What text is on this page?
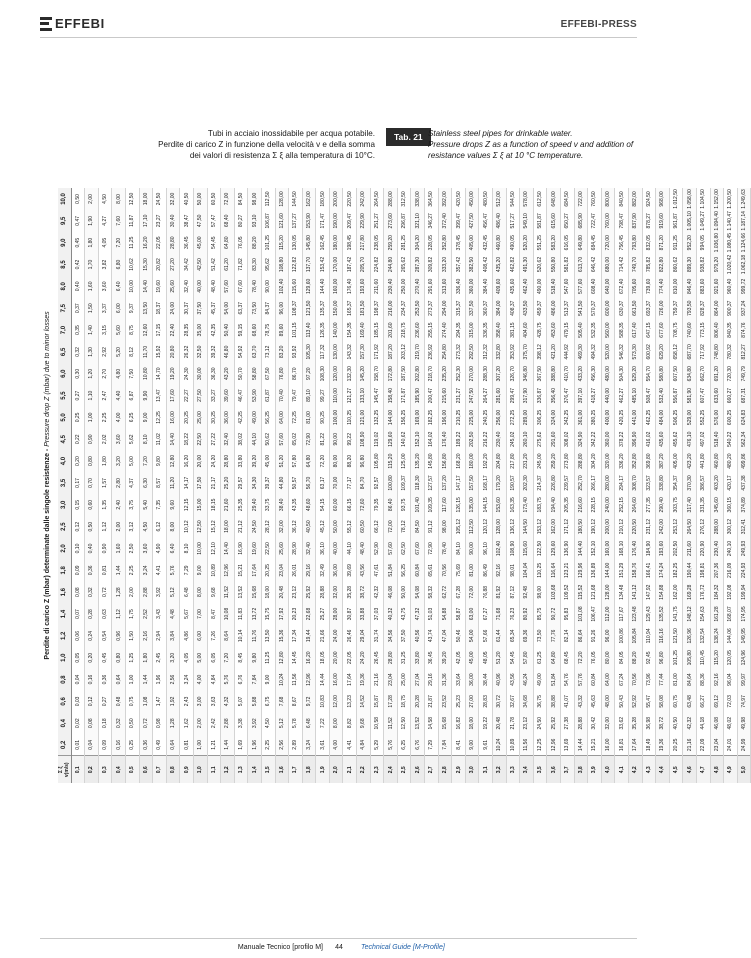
EFFEBI	EFFEBI-PRESS
Tubi in acciaio inossidabile per acqua potabile.
Perdite di carico Z in funzione della velocità v e della somma
dei valori di resistenza Σ ξ alla temperatura di 10°C.
Tab. 21 Stainless steel pipes for drinkable water.
Pressure drops Z as a function of speed v and addition of
resistance values Σ ξ at 10 °C temperature.
Perdite di carico Z (mbar) determinate dalle singole resistenze - Pressure drop Z (mbar) due to minor losses
Σ ξ
v(m/s)	0,2	0,4	0,6	0,8	1,0	1,2	1,4	1,6	1,8	2,0	2,5	3,0	3,5	4,0	4,5	5,0	5,5	6,0	6,5	7,0	7,5	8,0	8,5	9,0	9,5	10,0
0,1	0,01	0,02	0,03	0,04	0,05	0,06	0,07	0,08	0,09	0,10	0,12	0,15	0,17	0,20	0,22	0,25	0,27	0,30	0,32	0,35	0,37	0,40	0,42	0,45	0,47	0,50
0,2	0,04	0,08	0,12	0,16	0,20	0,24	0,28	0,32	0,36	0,40	0,50	0,60	0,70	0,80	0,90	1,00	1,10	1,20	1,30	1,40	1,50	1,60	1,70	1,80	1,90	2,00
0,3	0,09	0,18	0,27	0,36	0,45	0,54	0,63	0,72	0,81	0,90	1,12	1,35	1,57	1,80	2,02	2,25	2,47	2,70	2,92	3,15	3,37	3,60	3,82	4,05	4,27	4,50
0,4	0,16	0,32	0,48	0,64	0,80	0,96	1,12	1,28	1,44	1,60	2,00	2,40	2,80	3,20	3,60	4,00	4,40	4,80	5,20	5,60	6,00	6,40	6,80	7,20	7,60	8,00
0,5	0,25	0,50	0,75	1,00	1,25	1,50	1,75	2,00	2,25	2,50	3,12	3,75	4,37	5,00	5,62	6,25	6,87	7,50	8,12	8,75	9,37	10,00	10,62	11,25	11,87	12,50
0,6	0,36	0,72	1,08	1,44	1,80	2,16	2,52	2,88	3,24	3,60	4,50	5,40	6,30	7,20	8,10	9,00	9,90	10,80	11,70	12,60	13,50	14,40	15,30	16,20	17,10	18,00
0,7	0,49	0,98	1,47	1,96	2,45	2,94	3,43	3,92	4,41	4,90	6,12	7,35	8,57	9,80	11,02	12,25	13,47	14,70	15,92	17,15	18,37	19,60	20,82	22,05	23,27	24,50
0,8	0,64	1,28	1,92	2,56	3,20	3,84	4,48	5,12	5,76	6,40	8,00	9,60	11,20	12,80	14,40	16,00	17,60	19,20	20,80	22,40	24,00	25,60	27,20	28,80	30,40	32,00
0,9	0,81	1,62	2,43	3,24	4,05	4,86	5,67	6,48	7,29	8,10	10,12	12,15	14,17	16,20	18,22	20,25	22,27	24,30	26,32	28,35	30,37	32,40	34,42	36,45	38,47	40,50
1,0	1,00	2,00	3,00	4,00	5,00	6,00	7,00	8,00	9,00	10,00	12,50	15,00	17,50	20,00	22,50	25,00	27,50	30,00	32,50	35,00	37,50	40,00	42,50	45,00	47,50	50,00
1,1	1,21	2,42	3,63	4,84	6,05	7,26	8,47	9,68	10,89	12,10	15,12	18,15	21,17	24,20	27,22	30,25	33,27	36,30	39,32	42,35	45,37	48,40	51,42	54,45	57,47	60,50
1,2	1,44	2,88	4,32	5,76	7,20	8,64	10,08	11,52	12,96	14,40	18,00	21,60	25,20	28,80	32,40	36,00	39,60	43,20	46,80	50,40	54,00	57,60	61,20	64,80	68,40	72,00
1,3	1,69	3,38	5,07	6,76	8,45	10,14	11,83	13,52	15,21	16,90	21,12	25,35	29,57	33,80	38,02	42,25	46,47	50,70	54,92	59,15	63,37	67,60	71,82	76,05	80,27	84,50
1,4	1,96	3,92	5,88	7,84	9,80	11,76	13,72	15,68	17,64	19,60	24,50	29,40	34,30	39,20	44,10	49,00	53,90	58,80	63,70	68,60	73,50	78,40	83,30	88,20	93,10	98,00
1,5	2,25	4,50	6,75	9,00	11,25	13,50	15,75	18,00	20,25	22,50	28,12	33,75	39,37	45,00	50,62	56,25	61,87	67,50	73,12	78,75	84,37	90,00	95,62	101,25	106,87	112,50
1,6	2,56	5,12	7,68	10,24	12,80	15,36	17,92	20,48	23,04	25,60	32,00	38,40	44,80	51,20	57,60	64,00	70,40	76,80	83,20	89,60	96,00	102,40	108,80	115,20	121,60	128,00
1,7	2,89	5,78	8,67	11,56	14,45	17,34	20,23	23,12	26,01	28,90	36,12	43,35	50,57	57,80	65,02	72,25	79,47	86,70	93,92	101,15	108,37	115,60	122,82	130,05	137,27	144,50
1,8	3,24	6,48	9,72	12,96	16,20	19,44	22,68	25,92	29,16	32,40	40,50	48,60	56,70	64,80	72,90	81,00	89,10	97,20	105,30	113,40	121,50	129,60	137,70	145,80	153,90	162,00
1,9	3,61	7,22	10,83	14,44	18,05	21,66	25,27	28,88	32,49	36,10	45,12	54,15	63,17	72,20	81,22	90,25	99,27	108,30	117,32	126,35	135,37	144,40	153,42	162,45	171,47	180,50
2,0	4,00	8,00	12,00	16,00	20,00	24,00	28,00	32,00	36,00	40,00	50,00	60,00	70,00	80,00	90,00	100,00	110,00	120,00	130,00	140,00	150,00	160,00	170,00	180,00	190,00	200,00
2,1	4,41	8,82	13,23	17,64	22,05	26,46	30,87	35,28	39,69	44,10	55,12	66,15	77,17	88,20	99,22	110,25	121,27	132,30	143,32	154,35	165,37	176,40	187,42	198,45	209,47	220,50
2,2	4,84	9,68	14,52	19,36	24,20	29,04	33,88	38,72	43,56	48,40	60,50	72,60	84,70	96,80	108,90	121,00	133,10	145,20	157,30	169,40	181,50	193,60	205,70	217,80	229,90	242,00
2,3	5,29	10,58	15,87	21,16	26,45	31,74	37,03	42,32	47,61	52,90	66,12	79,35	92,57	105,80	119,02	132,25	145,47	158,70	171,92	185,15	198,37	211,60	224,82	238,05	251,27	264,50
2,4	5,76	11,52	17,28	23,04	28,80	34,56	40,32	46,08	51,84	57,60	72,00	86,40	100,80	115,20	129,60	144,00	158,40	172,80	187,20	201,60	216,00	230,40	244,80	259,20	273,60	288,00
2,5	6,25	12,50	18,75	25,00	31,25	37,50	43,75	50,00	56,25	62,50	78,12	93,75	109,37	125,00	140,62	156,25	171,87	187,50	203,12	218,75	234,37	250,00	265,62	281,25	296,87	312,50
2,6	6,76	13,52	20,28	27,04	33,80	40,56	47,32	54,08	60,84	67,60	84,50	101,40	118,30	135,20	152,10	169,00	185,90	202,80	219,70	236,60	253,50	270,40	287,30	304,20	321,10	338,00
2,7	7,29	14,58	21,87	29,16	36,45	43,74	51,03	58,32	65,61	72,90	91,12	109,35	127,57	145,80	164,02	182,25	200,47	218,70	236,92	255,15	273,37	291,60	309,82	328,05	346,27	364,50
2,8	7,84	15,68	23,52	31,36	39,20	47,04	54,88	62,72	70,56	78,40	98,00	117,60	137,20	156,80	176,40	196,00	215,60	235,20	254,80	274,40	294,00	313,60	333,20	352,80	372,40	392,00
2,9	8,41	16,82	25,23	33,64	42,05	50,46	58,87	67,28	75,69	84,10	105,12	126,15	147,17	168,20	189,22	210,25	231,27	252,30	273,32	294,35	315,37	336,40	357,42	378,45	399,47	420,50
3,0	9,00	18,00	27,00	36,00	45,00	54,00	63,00	72,00	81,00	90,00	112,50	135,00	157,50	180,00	202,50	225,00	247,50	270,00	292,50	315,00	337,50	360,00	382,50	405,00	427,50	450,00
3,1	9,61	19,22	28,83	38,44	48,05	57,66	67,27	76,88	86,49	96,10	120,12	144,15	168,17	192,20	216,22	240,25	264,27	288,30	312,32	336,35	360,37	384,40	408,42	432,45	456,47	480,50
3,2	10,24	20,48	30,72	40,96	51,20	61,44	71,68	81,92	92,16	102,40	128,00	153,60	179,20	204,80	230,40	256,00	281,60	307,20	332,80	358,40	384,00	409,60	435,20	460,80	486,40	512,00
3,3	10,89	21,78	32,67	43,56	54,45	65,34	76,23	87,12	98,01	108,90	136,12	163,35	190,57	217,80	245,02	272,25	299,47	326,70	353,92	381,15	408,37	435,60	462,82	490,05	517,27	544,50
3,4	11,56	23,12	34,68	46,24	57,80	69,36	80,92	92,48	104,04	115,60	144,50	173,40	202,30	231,20	260,10	289,00	317,90	346,80	375,70	404,60	433,50	462,40	491,30	520,20	549,10	578,00
3,5	12,25	24,50	36,75	49,00	61,25	73,50	85,75	98,00	110,25	122,50	153,12	183,75	214,37	245,00	275,62	306,25	336,87	367,50	398,12	428,75	459,37	490,00	520,62	551,25	581,87	612,50
3,6	12,96	25,92	38,88	51,84	64,80	77,76	90,72	103,68	116,64	129,60	162,00	194,40	226,80	259,20	291,60	324,00	356,40	388,80	421,20	453,60	486,00	518,40	550,80	583,20	615,60	648,00
3,7	13,69	27,38	41,07	54,76	68,45	82,14	95,83	109,52	123,21	136,90	171,12	205,35	239,57	273,80	308,02	342,25	376,47	410,70	444,92	479,15	513,37	547,60	581,82	616,05	650,27	684,50
3,8	14,44	28,88	43,32	57,76	72,20	86,64	101,08	115,52	129,96	144,40	180,50	216,60	252,70	288,80	324,90	361,00	397,10	433,20	469,30	505,40	541,50	577,60	613,70	649,80	685,90	722,00
3,9	15,21	30,42	45,63	60,84	76,05	91,26	106,47	121,68	136,89	152,10	190,12	228,15	266,17	304,20	342,22	380,25	418,27	456,30	494,32	532,35	570,37	608,40	646,42	684,45	722,47	760,50
4,0	16,00	32,00	48,00	64,00	80,00	96,00	112,00	128,00	144,00	160,00	200,00	240,00	280,00	320,00	360,00	400,00	440,00	480,00	520,00	560,00	600,00	640,00	680,00	720,00	760,00	800,00
4,1	16,81	33,62	50,43	67,24	84,05	100,86	117,67	134,48	151,29	168,10	210,12	252,15	294,17	336,20	378,22	420,25	462,27	504,30	546,32	588,35	630,37	672,40	714,42	756,45	798,47	840,50
4,2	17,64	35,28	52,92	70,56	88,20	105,84	123,48	141,12	158,76	176,40	220,50	264,60	308,70	352,80	396,90	441,00	485,10	529,20	573,30	617,40	661,50	705,60	749,70	793,80	837,90	882,00
4,3	18,49	36,98	55,47	73,96	92,45	110,94	129,43	147,92	166,41	184,90	231,12	277,35	323,57	369,80	416,02	462,25	508,47	554,70	600,92	647,15	693,37	739,60	785,82	832,05	878,27	924,50
4,4	19,36	38,72	58,08	77,44	96,80	116,16	135,52	154,88	174,24	193,60	242,00	290,40	338,80	387,20	435,60	484,00	532,40	580,80	629,20	677,60	726,00	774,40	822,80	871,20	919,60	968,00
4,5	20,25	40,50	60,75	81,00	101,25	121,50	141,75	162,00	182,25	202,50	253,12	303,75	354,37	405,00	455,62	506,25	556,87	607,50	658,12	708,75	759,37	810,00	860,62	911,25	961,87	1.012,50
4,6	21,16	42,32	63,48	84,64	105,80	126,96	148,12	169,28	190,44	211,60	264,50	317,40	370,30	423,20	476,10	529,00	581,90	634,80	687,70	740,60	793,50	846,40	899,30	952,20	1.005,10	1.058,00
4,7	22,09	44,18	66,27	88,36	110,45	132,54	154,63	176,72	198,81	220,90	276,12	331,35	386,57	441,80	497,02	552,25	607,47	662,70	717,92	773,15	828,37	883,60	938,82	994,05	1.049,27	1.104,50
4,8	23,04	46,08	69,12	92,16	115,20	138,24	161,28	184,32	207,36	230,40	288,00	345,60	403,20	460,80	518,40	576,00	633,60	691,20	748,80	806,40	864,00	921,60	979,20	1.036,80	1.094,40	1.152,00
4,9	24,01	48,02	72,03	96,04	120,05	144,06	168,07	192,08	216,09	240,10	300,12	360,15	420,17	480,20	540,22	600,25	660,27	720,30	780,32	840,35	900,37	960,40	1.020,42	1.080,45	1.140,47	1.200,50
5,0	24,99	49,98	74,97	99,97	124,96	149,95	174,95	199,94	224,93	249,93	312,41	374,89	437,38	499,86	562,34	624,83	687,31	749,79	812,27	874,76	937,24	999,72	1.062,18	1.124,66	1.187,14	1.249,63
Manuale Tecnico [profilo M]	44	Technical Guide [M-Profile]
